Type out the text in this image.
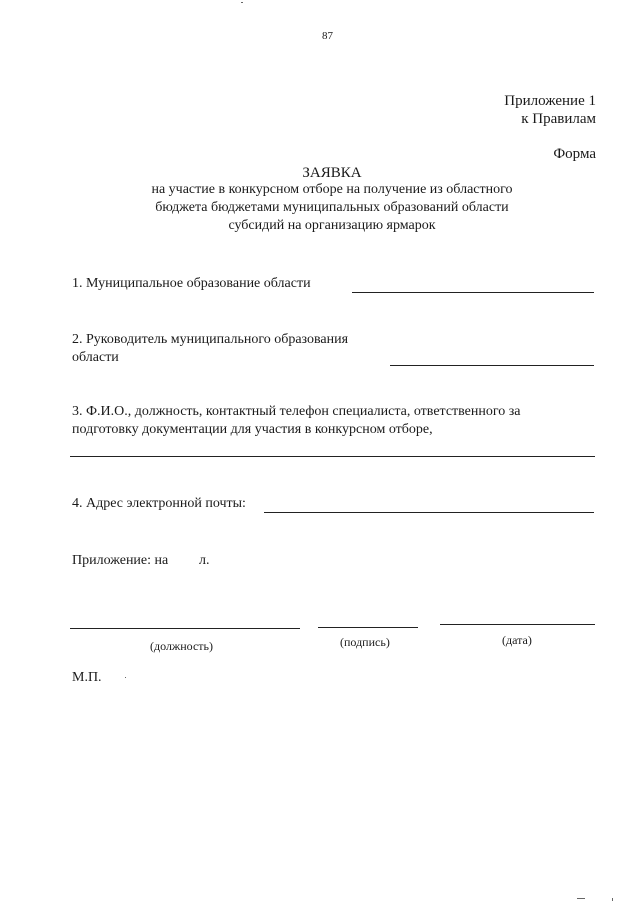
87
Приложение 1
к Правилам
Форма
ЗАЯВКА
на участие в конкурсном отборе на получение из областного
бюджета бюджетами муниципальных образований области
субсидий на организацию ярмарок
1. Муниципальное образование области
2. Руководитель муниципального образования
области
3. Ф.И.О., должность, контактный телефон специалиста, ответственного за
подготовку документации для участия в конкурсном отборе,
4. Адрес электронной почты:
Приложение: на л.
(должность)	(подпись)	(дата)
М.П.
